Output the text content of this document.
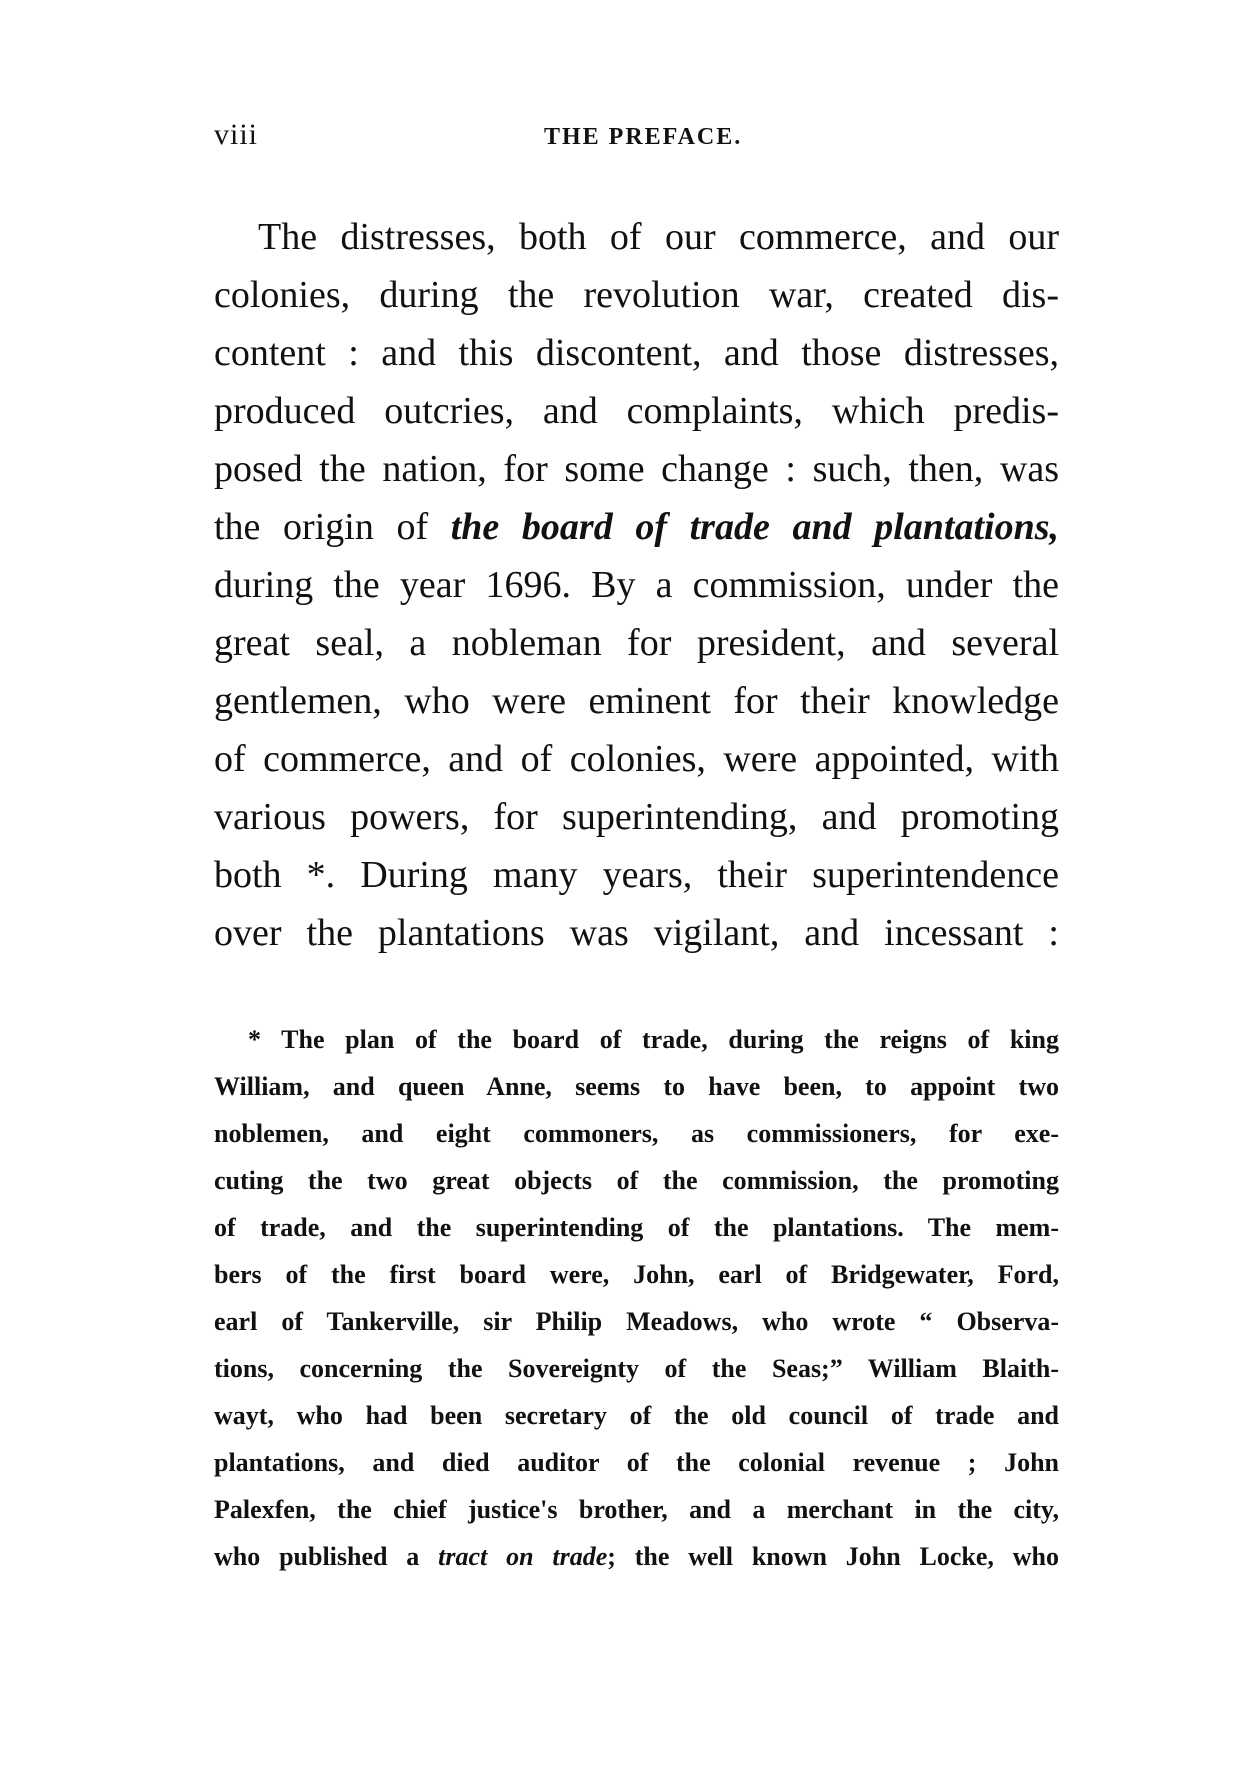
viii	THE PREFACE.
The distresses, both of our commerce, and our
colonies, during the revolution war, created dis-
content : and this discontent, and those distresses,
produced outcries, and complaints, which predis-
posed the nation, for some change : such, then, was
the origin of the board of trade and plantations,
during the year 1696. By a commission, under the
great seal, a nobleman for president, and several
gentlemen, who were eminent for their knowledge
of commerce, and of colonies, were appointed, with
various powers, for superintending, and promoting
both *. During many years, their superintendence
over the plantations was vigilant, and incessant :
* The plan of the board of trade, during the reigns of king
William, and queen Anne, seems to have been, to appoint two
noblemen, and eight commoners, as commissioners, for exe-
cuting the two great objects of the commission, the promoting
of trade, and the superintending of the plantations. The mem-
bers of the first board were, John, earl of Bridgewater, Ford,
earl of Tankerville, sir Philip Meadows, who wrote “ Observa-
tions, concerning the Sovereignty of the Seas;” William Blaith-
wayt, who had been secretary of the old council of trade and
plantations, and died auditor of the colonial revenue ; John
Palexfen, the chief justice's brother, and a merchant in the city,
who published a tract on trade; the well known John Locke, who
